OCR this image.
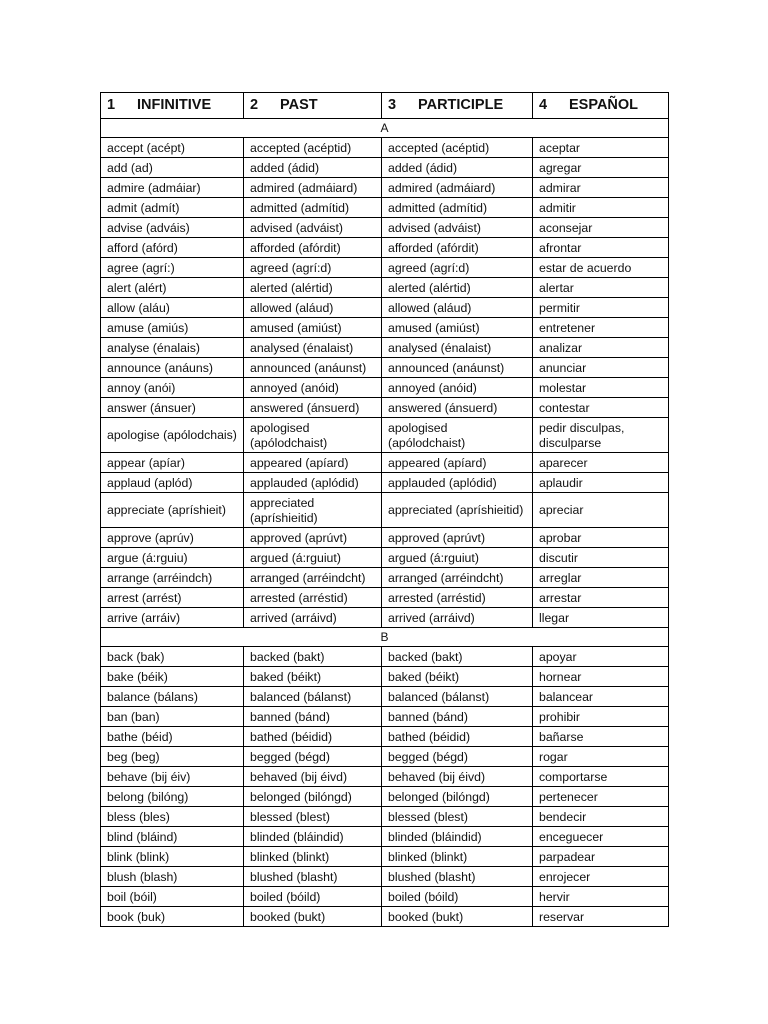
1 INFINITIVE	2 PAST	3 PARTICIPLE	4 ESPAÑOL
A			
accept (acépt)	accepted (acéptid)	accepted (acéptid)	aceptar
add (ad)	added (ádid)	added (ádid)	agregar
admire (admáiar)	admired (admáiard)	admired (admáiard)	admirar
admit (admít)	admitted (admítid)	admitted (admítid)	admitir
advise (adváis)	advised (adváist)	advised (adváist)	aconsejar
afford (afórd)	afforded (afórdit)	afforded (afórdit)	afrontar
agree (agrí:)	agreed (agrí:d)	agreed (agrí:d)	estar de acuerdo
alert (alért)	alerted (alértid)	alerted (alértid)	alertar
allow (aláu)	allowed (aláud)	allowed (aláud)	permitir
amuse (amiús)	amused (amiúst)	amused (amiúst)	entretener
analyse (énalais)	analysed (énalaist)	analysed (énalaist)	analizar
announce (anáuns)	announced (anáunst)	announced (anáunst)	anunciar
annoy (anói)	annoyed (anóid)	annoyed (anóid)	molestar
answer (ánsuer)	answered (ánsuerd)	answered (ánsuerd)	contestar
apologise (apólodchais)	apologised (apólodchaist)	apologised (apólodchaist)	pedir disculpas, disculparse
appear (apíar)	appeared (apíard)	appeared (apíard)	aparecer
applaud (aplód)	applauded (aplódid)	applauded (aplódid)	aplaudir
appreciate (apríshieit)	appreciated (apríshieitid)	appreciated (apríshieitid)	apreciar
approve (aprúv)	approved (aprúvt)	approved (aprúvt)	aprobar
argue (á:rguiu)	argued (á:rguiut)	argued (á:rguiut)	discutir
arrange (arréindch)	arranged (arréindcht)	arranged (arréindcht)	arreglar
arrest (arrést)	arrested (arréstid)	arrested (arréstid)	arrestar
arrive (arráiv)	arrived (arráivd)	arrived (arráivd)	llegar
B			
back (bak)	backed (bakt)	backed (bakt)	apoyar
bake (béik)	baked (béikt)	baked (béikt)	hornear
balance (bálans)	balanced (bálanst)	balanced (bálanst)	balancear
ban (ban)	banned (bánd)	banned (bánd)	prohibir
bathe (béid)	bathed (béidid)	bathed (béidid)	bañarse
beg (beg)	begged (bégd)	begged (bégd)	rogar
behave (bij éiv)	behaved (bij éivd)	behaved (bij éivd)	comportarse
belong (bilóng)	belonged (bilóngd)	belonged (bilóngd)	pertenecer
bless (bles)	blessed (blest)	blessed (blest)	bendecir
blind (bláind)	blinded (bláindid)	blinded (bláindid)	enceguecer
blink (blink)	blinked (blinkt)	blinked (blinkt)	parpadear
blush (blash)	blushed (blasht)	blushed (blasht)	enrojecer
boil (bóil)	boiled (bóild)	boiled (bóild)	hervir
book (buk)	booked (bukt)	booked (bukt)	reservar
